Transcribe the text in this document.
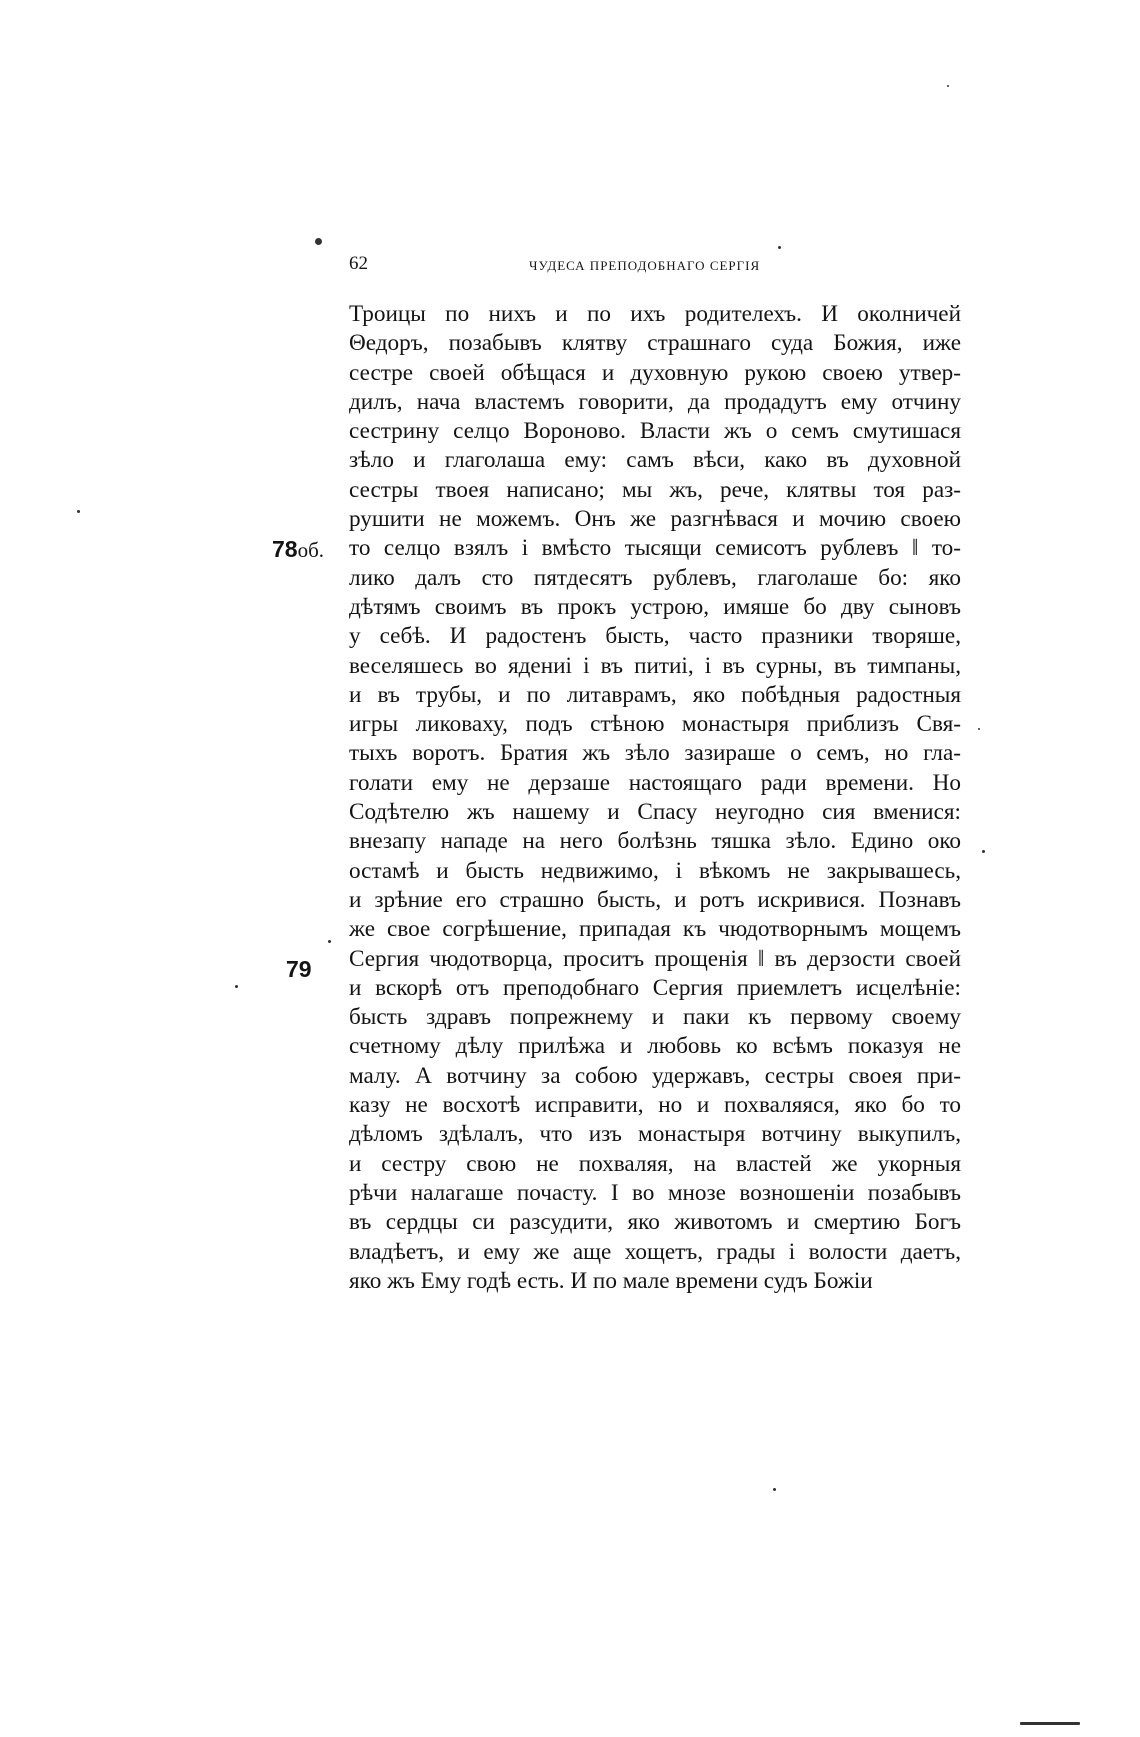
62	ЧУДЕСА ПРЕПОДОБНАГО СЕРГІЯ
78об.
79
Троицы по нихъ и по ихъ родителехъ. И околничей
Θедоръ, позабывъ клятву страшнаго суда Божия, иже
сестре своей обѣщася и духовную рукою своею утвер-
дилъ, нача властемъ говорити, да продадутъ ему отчину
сестрину селцо Вороново. Власти жъ о семъ смутишася
зѣло и глаголаша ему: самъ вѣси, како въ духовной
сестры твоея написано; мы жъ, рече, клятвы тоя раз-
рушити не можемъ. Онъ же разгнѣвася и мочию своею
то селцо взялъ і вмѣсто тысящи семисотъ рублевъ ‖ то-
лико далъ сто пятдесятъ рублевъ, глаголаше бо: яко
дѣтямъ своимъ въ прокъ устрою, имяше бо дву сыновъ
у себѣ. И радостенъ бысть, часто празники творяше,
веселяшесь во ядениі і въ питиі, і въ сурны, въ тимпаны,
и въ трубы, и по литаврамъ, яко побѣдныя радостныя
игры ликоваху, подъ стѣною монастыря приблизъ Свя-
тыхъ воротъ. Братия жъ зѣло зазираше о семъ, но гла-
голати ему не дерзаше настоящаго ради времени. Но
Содѣтелю жъ нашему и Спасу неугодно сия вменися:
внезапу нападе на него болѣзнь тяшка зѣло. Едино око
остамѣ и бысть недвижимо, і вѣкомъ не закрывашесь,
и зрѣние его страшно бысть, и ротъ искривися. Познавъ
же свое согрѣшение, припадая къ чюдотворнымъ мощемъ
Сергия чюдотворца, проситъ прощенія ‖ въ дерзости своей
и вскорѣ отъ преподобнаго Сергия приемлетъ исцелѣніе:
бысть здравъ попрежнему и паки къ первому своему
счетному дѣлу прилѣжа и любовь ко всѣмъ показуя не
малу. А вотчину за собою удержавъ, сестры своея при-
казу не восхотѣ исправити, но и похваляяся, яко бо то
дѣломъ здѣлалъ, что изъ монастыря вотчину выкупилъ,
и сестру свою не похваляя, на властей же укорныя
рѣчи налагаше почасту. І во мнозе возношеніи позабывъ
въ сердцы си разсудити, яко животомъ и смертию Богъ
владѣетъ, и ему же аще хощетъ, грады і волости даетъ,
яко жъ Ему годѣ есть. И по мале времени судъ Божіи
